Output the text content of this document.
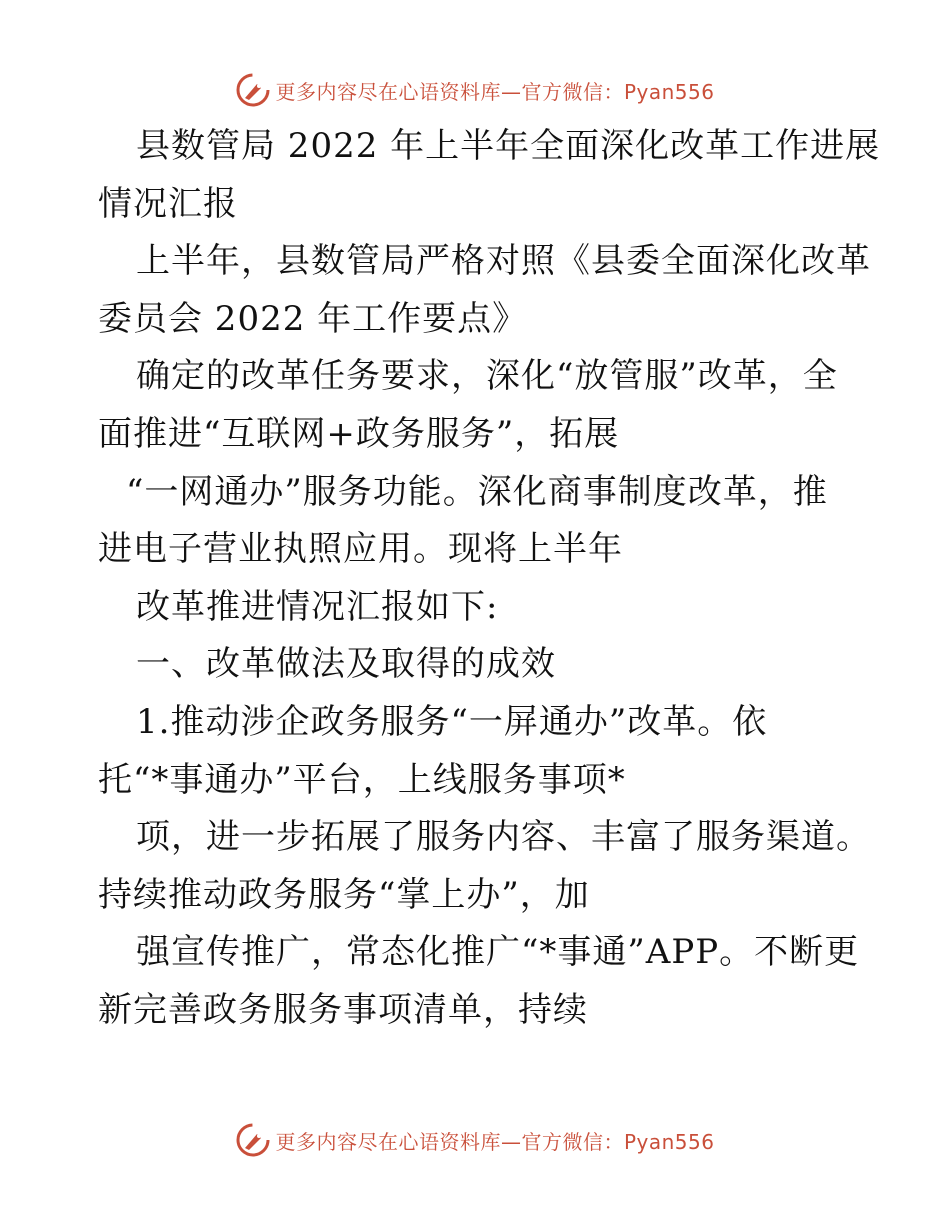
更多内容尽在心语资料库—官方微信：Pyan556
县数管局 2022 年上半年全面深化改革工作进展
情况汇报
上半年，县数管局严格对照《县委全面深化改革
委员会 2022 年工作要点》
确定的改革任务要求，深化“放管服”改革，全
面推进“互联网+政务服务”，拓展
“一网通办”服务功能。深化商事制度改革，推
进电子营业执照应用。现将上半年
改革推进情况汇报如下:
一、改革做法及取得的成效
1.推动涉企政务服务“一屏通办”改革。依
托“*事通办”平台，上线服务事项*
项，进一步拓展了服务内容、丰富了服务渠道。
持续推动政务服务“掌上办”，加
强宣传推广，常态化推广“*事通”APP。不断更
新完善政务服务事项清单，持续
更多内容尽在心语资料库—官方微信：Pyan556
